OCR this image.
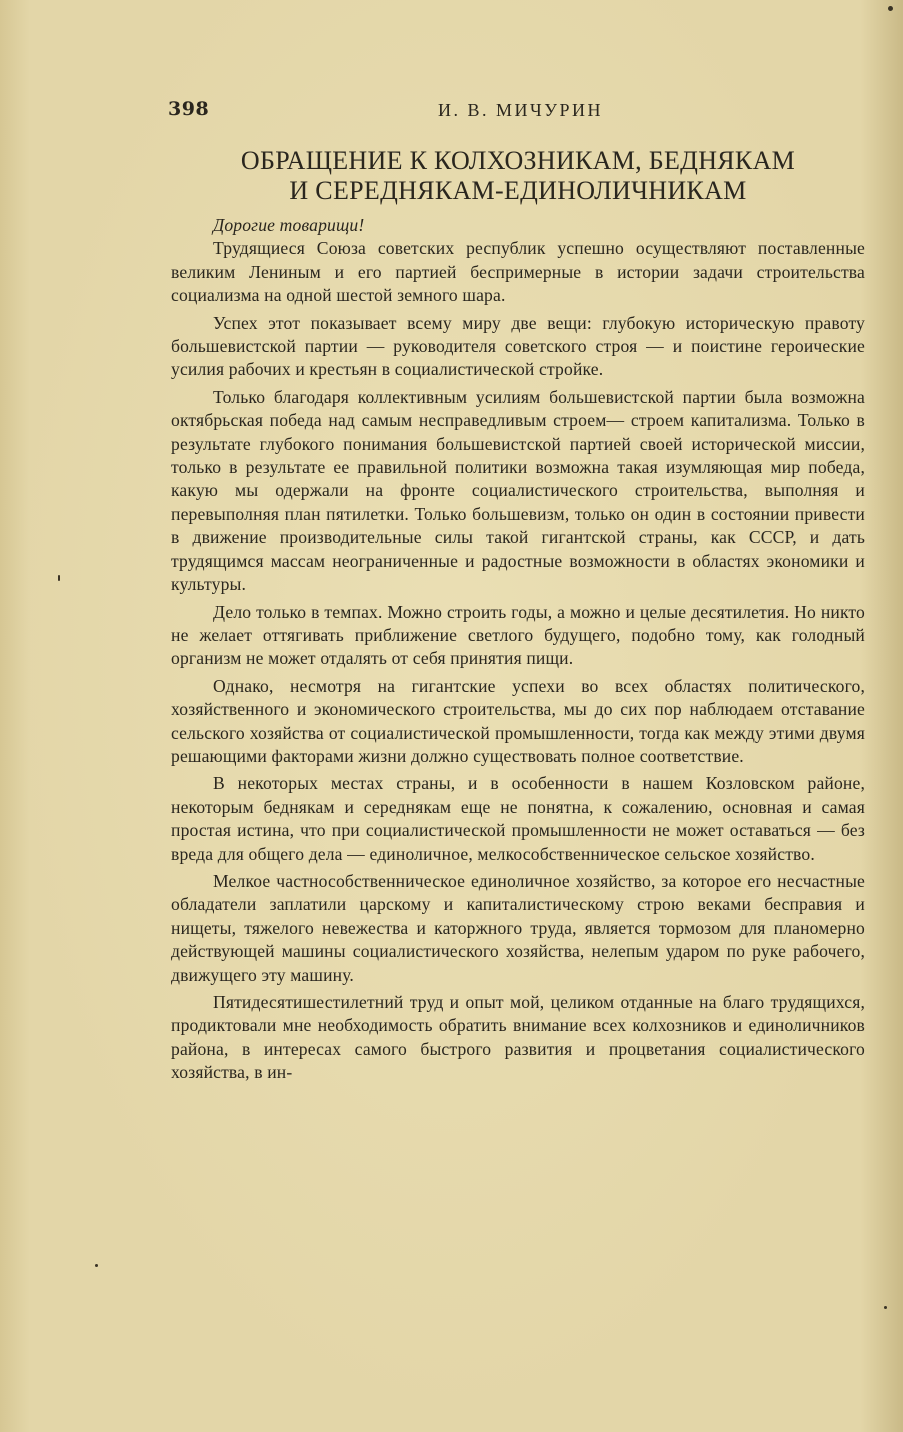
398	И. В. МИЧУРИН
ОБРАЩЕНИЕ К КОЛХОЗНИКАМ, БЕДНЯКАМ
И СЕРЕДНЯКАМ-ЕДИНОЛИЧНИКАМ

Дорогие товарищи!

Трудящиеся Союза советских республик успешно осуществляют поставленные великим Лениным и его партией беспримерные в истории задачи строительства социализма на одной шестой земного шара.

Успех этот показывает всему миру две вещи: глубокую историческую правоту большевистской партии — руководителя советского строя — и поистине героические усилия рабочих и крестьян в социалистической стройке.

Только благодаря коллективным усилиям большевистской партии была возможна октябрьская победа над самым несправедливым строем— строем капитализма. Только в результате глубокого понимания большевистской партией своей исторической миссии, только в результате ее правильной политики возможна такая изумляющая мир победа, какую мы одержали на фронте социалистического строительства, выполняя и перевыполняя план пятилетки. Только большевизм, только он один в состоянии привести в движение производительные силы такой гигантской страны, как СССР, и дать трудящимся массам неограниченные и радостные возможности в областях экономики и культуры.

Дело только в темпах. Можно строить годы, а можно и целые десятилетия. Но никто не желает оттягивать приближение светлого будущего, подобно тому, как голодный организм не может отдалять от себя принятия пищи.

Однако, несмотря на гигантские успехи во всех областях политического, хозяйственного и экономического строительства, мы до сих пор наблюдаем отставание сельского хозяйства от социалистической промышленности, тогда как между этими двумя решающими факторами жизни должно существовать полное соответствие.

В некоторых местах страны, и в особенности в нашем Козловском районе, некоторым беднякам и середнякам еще не понятна, к сожалению, основная и самая простая истина, что при социалистической промышленности не может оставаться — без вреда для общего дела — единоличное, мелкособственническое сельское хозяйство.

Мелкое частнособственническое единоличное хозяйство, за которое его несчастные обладатели заплатили царскому и капиталистическому строю веками бесправия и нищеты, тяжелого невежества и каторжного труда, является тормозом для планомерно действующей машины социалистического хозяйства, нелепым ударом по руке рабочего, движущего эту машину.

Пятидесятишестилетний труд и опыт мой, целиком отданные на благо трудящихся, продиктовали мне необходимость обратить внимание всех колхозников и единоличников района, в интересах самого быстрого развития и процветания социалистического хозяйства, в ин-
